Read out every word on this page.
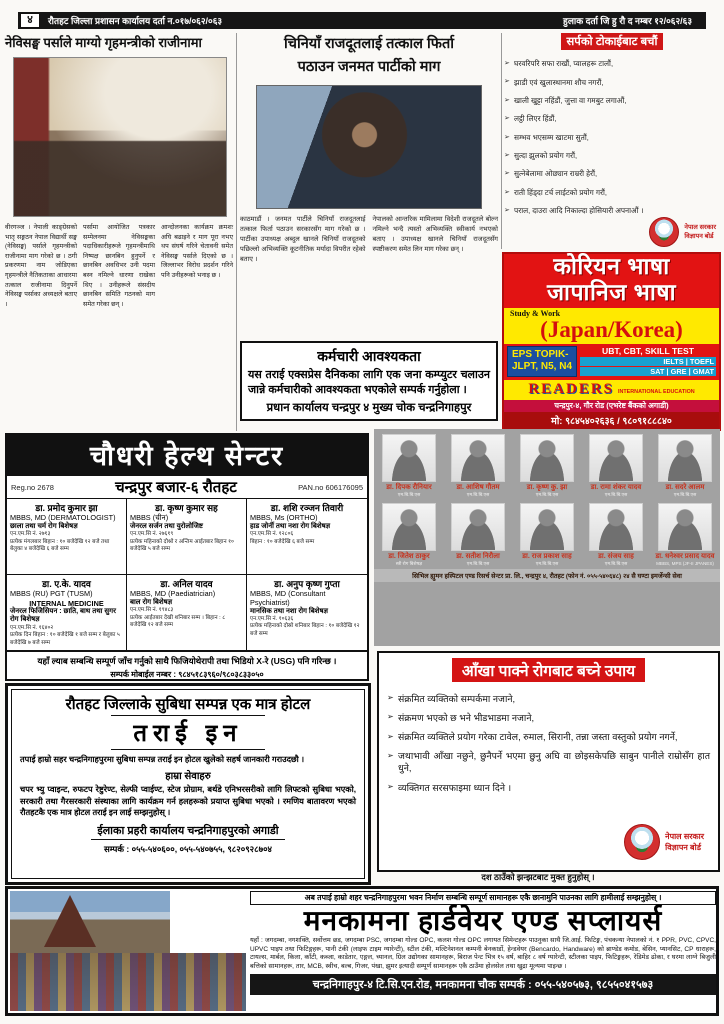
४	रौतहट जिल्ला प्रशासन कार्यालय दर्ता न.०१७/०६२/०६३	हुलाक दर्ता जि हु रौ द नम्बर १२/०६२/६३
नेविसङ्घ पर्साले माग्यो गृहमन्त्रीको राजीनामा

वीरगञ्ज । नेपाली काङ्ग्रेसको भातृ सङ्गठन नेपाल विद्यार्थी सङ्घ (नेविसङ्घ) पर्साले गृहमन्त्रीको राजीनामा माग गरेको छ । ठगी प्रकरणमा नाम जोडिएका गृहमन्त्रीले नैतिकताका आधारमा तत्काल राजीनामा दिनुपर्ने नेविसङ्घ पर्साका अध्यक्षले बताए ।

पर्सामा आयोजित पत्रकार सम्मेलनमा नेविसङ्घका पदाधिकारीहरूले गृहमन्त्रीमाथि निष्पक्ष छानबिन हुनुपर्ने र छानबिन अवधिभर उनी पदमा बस्न नमिल्ने धारणा राखेका थिए । उनीहरूले संसदीय छानबिन समिति गठनको माग समेत गरेका छन् ।

आन्दोलनका कार्यक्रम क्रमशः अघि बढाइने र माग पूरा नभए थप संघर्ष गरिने चेतावनी समेत नेविसङ्घ पर्साले दिएको छ । जिल्लाभर विरोध प्रदर्शन गरिने पनि उनीहरूको भनाइ छ ।

चिनियाँ राजदूतलाई तत्काल फिर्ता
पठाउन जनमत पार्टीको माग

काठमाडौं । जनमत पार्टीले चिनियाँ राजदूतलाई तत्काल फिर्ता पठाउन सरकारसँग माग गरेको छ । पार्टीका उपाध्यक्ष अब्दुल खानले चिनियाँ राजदूतको पछिल्लो अभिव्यक्ति कूटनीतिक मर्यादा विपरीत रहेको बताए ।

नेपालको आन्तरिक मामिलामा विदेशी राजदूतले बोल्न नमिल्ने भन्दै त्यस्तो अभिव्यक्ति स्वीकार्य नभएको बताए । उपाध्यक्ष खानले चिनियाँ राजदूतसँग स्पष्टीकरण समेत लिन माग गरेका छन् ।

कर्मचारी आवश्यकता
यस तराई एक्सप्रेस दैनिकका लागि एक जना कम्प्युटर चलाउन जान्ने कर्मचारीको आवश्यकता भएकोले सम्पर्क गर्नुहोला ।
प्रधान कार्यालय चन्द्रपुर ४ मुख्य चोक चन्द्रनिगाहपुर
सर्पको टोकाईबाट बचौं
➢ घरवरिपरि सफा राखौं, प्वालहरू टालौं,
➢ झाडी एवं खुलास्थानमा शौच नगरौं,
➢ खाली खुट्टा नहिंडौं, जुत्ता वा गमबुट लगाऔं,
➢ लट्ठी लिएर हिंडौं,
➢ सम्भव भएसम्म खाटमा सुतौं,
➢ सुत्दा झुलको प्रयोग गरौं,
➢ सुत्नेबेलामा ओछ्यान राम्ररी हेरौं,
➢ राती हिंड्दा टर्च लाईटको प्रयोग गरौं,
➢ पराल, दाउरा आदि निकाल्दा होसियारी अपनाऔं ।
नेपाल सरकार
विज्ञापन बोर्ड
कोरियन भाषा
जापानिज भाषा
Study & Work
(Japan/Korea)
EPS TOPIK-
JLPT, N5, N4
UBT, CBT, SKILL TEST
IELTS | TOEFL
SAT | GRE | GMAT
READERS INTERNATIONAL EDUCATION
चन्द्रपुर-४, गौर रोड (एभरेष्ट बैंकको अगाडी)
मो: ९८४५४०२६३६ / ९८०९१८८८४०
चौधरी हेल्थ सेन्टर
Reg.no 2678	चन्द्रपुर बजार-६ रौतहट	PAN.no 606176095
डा. प्रमोद कुमार झा
MBBS, MD (DERMATOLOGIST)
छाला तथा चर्म रोग बिशेषज्ञ
एन.एम.सि नं. २७१३
प्रत्येक मंगलबार बिहान : १० बजेदेखि १२ बजे तथा बेलुका ४ बजेदेखि ६ बजे सम्म
डा. कृष्ण कुमार सह
MBBS (चीन)
जेनरल सर्जन तथा युरोलोजिष्ट
एन.एम.सि नं. २७६१९
प्रत्येक महिनाको दोश्रो र अन्तिम आईतबार बिहान १० बजेदेखि ५ बजे सम्म
डा. शशि रञ्जन तिवारी
MBBS, Ms (ORTHO)
हाड जोर्नी तथा नशा रोग बिशेषज्ञ
एन.एम.सि नं. १२८०६
बिहान : १० बजेदेखि ६ बजे सम्म
डा. ए.के. यादव
MBBS (RU) PGT (TUSM)
INTERNAL MEDICINE
जेनरल फिजिसियन : छाति, बाथ तथा सुगर रोग बिशेषज्ञ
एन.एम.सि नं. १६४०२
प्रत्येक दिन बिहान : १० बजेदेखि १ बजे सम्म र बेलुका ५ बजेदेखि ७ बजे सम्म
डा. अनिल यादव
MBBS, MD (Paediatrician)
बाल रोग बिशेषज्ञ
एन.एम.सि नं. १९४८३
प्रत्येक आईतबार देखी शनिबार सम्म । बिहान : ८ बजेदेखि १२ बजे सम्म
डा. अनुप कृष्ण गुप्ता
MBBS, MD (Consultant Psychiatrist)
मानसिक तथा नशा रोग बिशेषज्ञ
एन.एम.सि नं. १०६३६
प्रत्येक महिनाको दोस्रो शनिबार बिहान : १० बजेदेखि १२ बजे सम्म
यहाँ ल्याब सम्बन्धि सम्पूर्ण जाँच गर्नुको साथै फिजियोथेरापी तथा भिडियो X-रे (USG) पनि गरिन्छ ।
सम्पर्क मोबाईल नम्बर : ९८४५१८३९६०/९८०३८३३०५०
डा. दिपक रौनियार
एम.बि.बि.एस
डा. आशिष गौतम
एम.बि.बि.एस
डा. कृष्ण कु. झा
एम.बि.बि.एस
डा. रामा शंकर यादव
एम.बि.बि.एस
डा. सदरे आलम
एम.बि.बि.एस
डा. जितेश ठाकुर
स्त्री रोग बिशेषज्ञ
डा. सतीश निरौला
एम.बि.बि.एस
डा. राज प्रकाश साह
एम.बि.बि.एस
डा. संजय साह
एम.बि.बि.एस
डा. धनेश्वर प्रसाद यादव
MBBS, MPS (JF-II JPANES)
सिभिल ह्युमन हस्पिटल एण्ड रिसर्च सेन्टर प्रा. लि., चन्द्रपुर ४, रौतहट (फोन नं. ०५५-५४०६४८) २४ सै घण्टा इमर्जेन्सी सेवा
आँखा पाक्ने रोगबाट बच्ने उपाय
➢ संक्रमित व्यक्तिको सम्पर्कमा नजाने,
➢ संक्रमण भएको छ भने भीडभाडमा नजाने,
➢ संक्रमित व्यक्तिले प्रयोग गरेका टावेल, रुमाल, सिरानी, तन्ना जस्ता वस्तुको प्रयोग नगर्ने,
➢ जथाभावी आँखा नछुने, छुनैपर्ने भएमा छुनु अघि वा छोइसकेपछि साबुन पानीले राम्रोसँग हात धुने,
➢ व्यक्तिगत सरसफाइमा ध्यान दिने ।
नेपाल सरकार
विज्ञापन बोर्ड
रौतहट जिल्लाके सुबिधा सम्पन्न एक मात्र होटल
तराई इन
तपाई हाम्रो सहर चन्द्रनिगाहपुरमा सुबिधा सम्पन्न तराई इन होटल खुलेको सहर्ष जानकारी गराउदछौ ।
हाम्रा सेवाहरु
चपर भ्यु प्वाइन्ट, रुफटप रेष्टुरेण्ट, सेल्फी प्वाईण्ट, स्टेज प्रोग्राम, बर्थडे एनिभरसरीको लागि लिफ्टको सुबिधा भएको, सरकारी तथा गैरसरकारी संस्थाका लागि कार्यक्रम गर्न हलहरूको प्रयाप्त सुबिधा भएको । रमणिय बातावरण भएको रौतहटकै एक मात्र होटल तराई इन लाई सम्झनुहोस् ।
ईलाका प्रहरी कार्यालय चन्द्रनिगाहपुरको अगाडी
सम्पर्क : ०५५-५४०६००, ०५५-५४०७५५, ९८२०९२८७०४
दश ठाउँको झन्झटबाट मुक्त हुनुहोस् ।
अब तपाई हाम्रो शहर चन्द्रनिगाहपुरमा भवन निर्माण सम्बन्धि सम्पूर्ण सामानहरू एकै छानामुनि पाउनका लागि हामीलाई सम्झनुहोस् ।
मनकामना हार्डवेयर एण्ड सप्लायर्स
यहाँ : जगदम्बा, नगशक्ति, सर्वोत्तम छड, जगदम्बा PSC, जगदम्बा गोल्ड OPC, कलश गोल्ड OPC लगायत सिमेन्टहरू पाउनुका साथै जि.आई. फिटिङ्ग, पंचकन्या नेपालको नं. १ PPR, PVC, CPVC, UPVC पाइप तथा फिटिङ्गहरू, पानी टंकी (लाइफ टाइम ग्यारेन्टी), स्टील टंकी, मल्टिनेशनल कम्पनी बेनकार्डो, हेन्डवेयर (Bencardo, Handware) को ब्राण्डेड कमोड, बेसिन, प्यानसिट, CP धाराहरू, टायल्स, मार्बल, किला, काँटी, कब्जा, काडेतार, एङ्गल, च्यानल, ग्रिल उद्योगका सामानहरू, बिराज पेन्ट भित्र १५ वर्ष, बाहिर ८ वर्ष ग्यारेन्टी, स्टीलका पाइप, फिटिङ्गहरू, रेडिमेड ढोका, र घरमा लाग्ने बिजुली बत्तिको सामानहरू, तार, MCB, स्वीच, बल्ब, गिजर, पंखा, झुमर इत्यादी सम्पूर्ण सामानहरू एकै ठाउँमा होलसेल तथा खुद्रा मूल्यमा पाइन्छ ।
चन्द्रनिगाहपुर-४ टि.सि.एन.रोड, मनकामना चौक सम्पर्क : ०५५-५४०५७३, ९८५५०४१५७३
